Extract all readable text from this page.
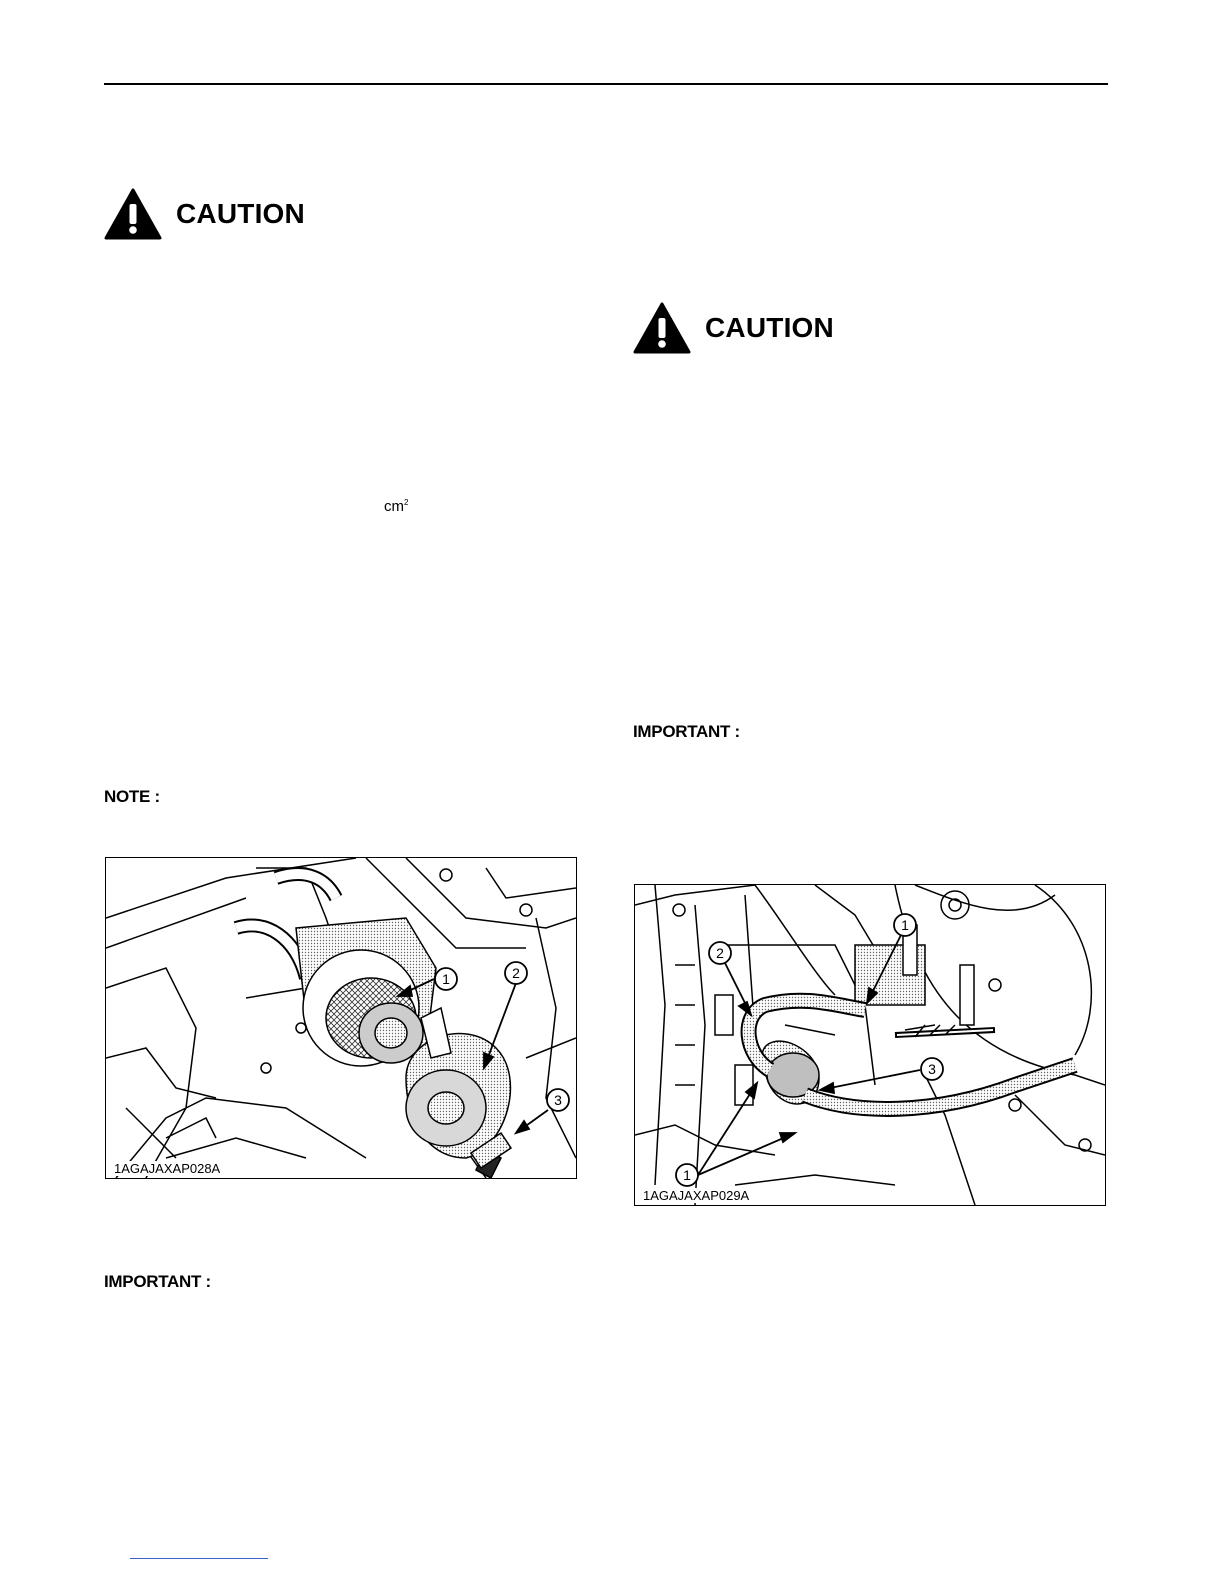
CAUTION
CAUTION
$cm^2$
NOTE :
IMPORTANT :
IMPORTANT :
1	2
3
1AGAJAXAP028A
1
2
3
1
1AGAJAXAP029A
